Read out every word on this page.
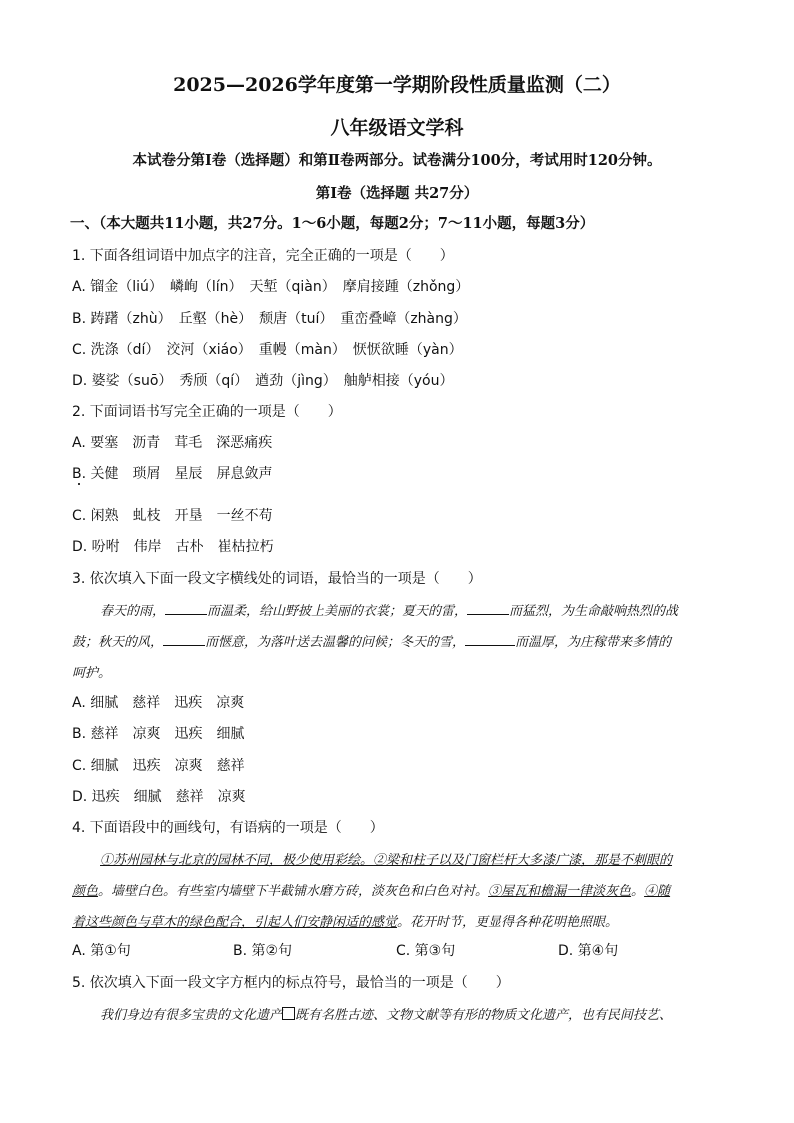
2025—2026学年度第一学期阶段性质量监测（二）
八年级语文学科
本试卷分第Ⅰ卷（选择题）和第Ⅱ卷两部分。试卷满分100分，考试用时120分钟。
第Ⅰ卷（选择题 共27分）
一、（本大题共11小题，共27分。1～6小题，每题2分；7～11小题，每题3分）
1. 下面各组词语中加点字的注音，完全正确的一项是（　　）
A. 镏金（liú）　嶙峋（lín）　天堑（qiàn）　摩肩接踵（zhǒng）
B. 踌躇（zhù）　丘壑（hè）　颓唐（tuí）　重峦叠嶂（zhàng）
C. 洗涤（dí）　洨河（xiáo）　重幔（màn）　恹恹欲睡（yàn）
D. 婆娑（suō）　秀颀（qí）　遒劲（jìng）　舳舻相接（yóu）
2. 下面词语书写完全正确的一项是（　　）
A. 要塞　沥青　茸毛　深恶痛疾
B. 关健　琐屑　星辰　屏息敛声
C. 闲熟　虬枝　开垦　一丝不苟
D. 吩咐　伟岸　古朴　崔枯拉朽
3. 依次填入下面一段文字横线处的词语，最恰当的一项是（　　）
春天的雨，	而温柔，给山野披上美丽的衣裳；夏天的雷，	而猛烈，为生命敲响热烈的战
鼓；秋天的风，	而惬意，为落叶送去温馨的问候；冬天的雪，	而温厚，为庄稼带来多情的
呵护。
A. 细腻　慈祥　迅疾　凉爽
B. 慈祥　凉爽　迅疾　细腻
C. 细腻　迅疾　凉爽　慈祥
D. 迅疾　细腻　慈祥　凉爽
4. 下面语段中的画线句，有语病的一项是（　　）
①苏州园林与北京的园林不同，极少使用彩绘。②梁和柱子以及门窗栏杆大多漆广漆，那是不刺眼的
颜色。墙壁白色。有些室内墙壁下半截铺水磨方砖，淡灰色和白色对衬。③屋瓦和檐漏一律淡灰色。④随
着这些颜色与草木的绿色配合，引起人们安静闲适的感觉。花开时节，更显得各种花明艳照眼。
A. 第①句	B. 第②句	C. 第③句	D. 第④句
5. 依次填入下面一段文字方框内的标点符号，最恰当的一项是（　　）
我们身边有很多宝贵的文化遗产 既有名胜古迹、文物文献等有形的物质文化遗产，也有民间技艺、
